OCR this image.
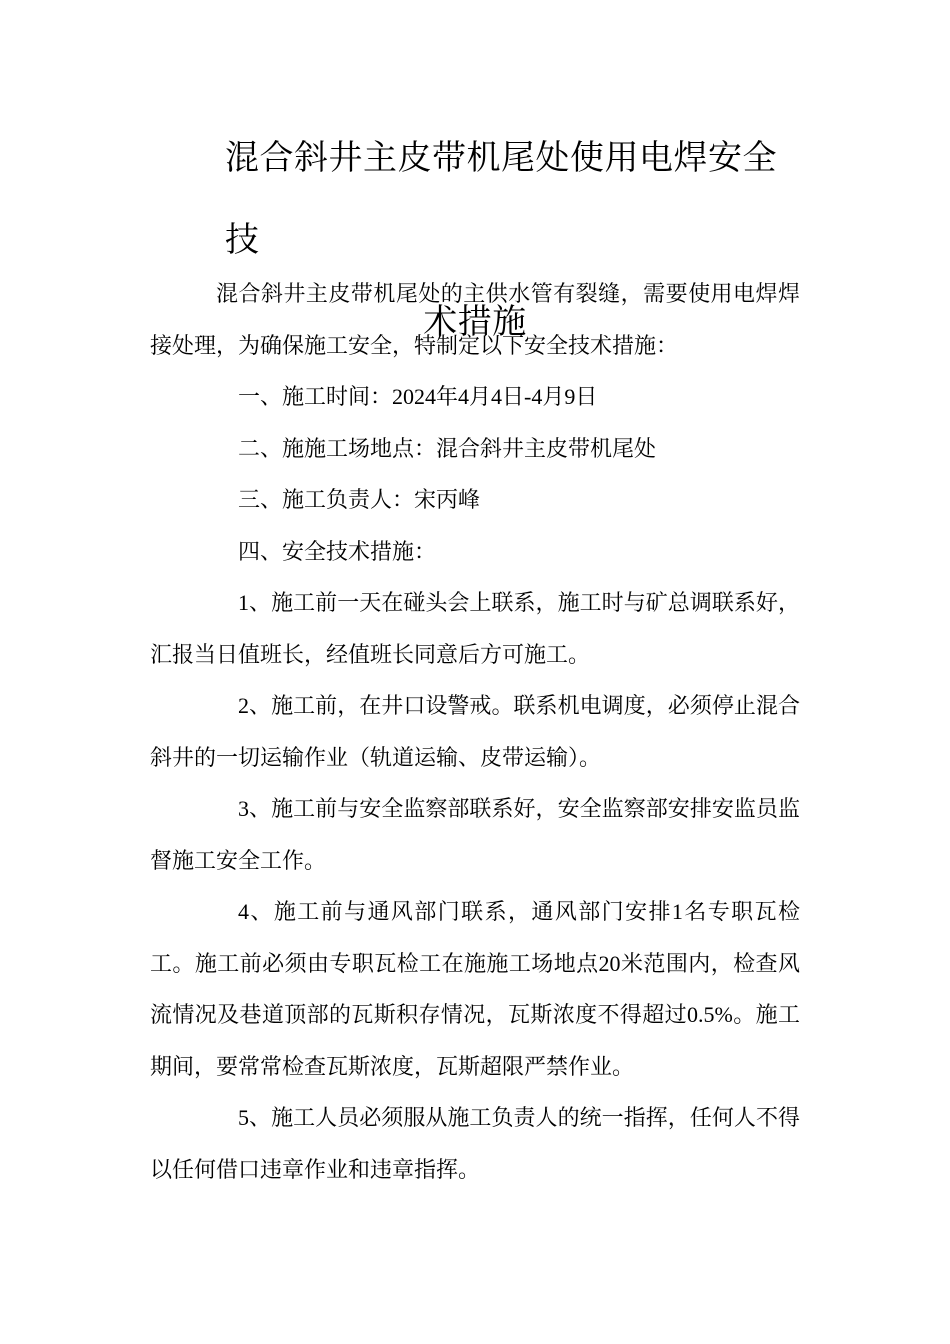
混合斜井主皮带机尾处使用电焊安全技
术措施

混合斜井主皮带机尾处的主供水管有裂缝，需要使用电焊焊接处理，为确保施工安全，特制定以下安全技术措施：

一、施工时间：2024年4月4日-4月9日

二、施施工场地点：混合斜井主皮带机尾处

三、施工负责人：宋丙峰

四、安全技术措施：

1、施工前一天在碰头会上联系，施工时与矿总调联系好，汇报当日值班长，经值班长同意后方可施工。

2、施工前，在井口设警戒。联系机电调度，必须停止混合斜井的一切运输作业（轨道运输、皮带运输）。

3、施工前与安全监察部联系好，安全监察部安排安监员监督施工安全工作。

4、施工前与通风部门联系，通风部门安排1名专职瓦检工。施工前必须由专职瓦检工在施施工场地点20米范围内，检查风流情况及巷道顶部的瓦斯积存情况，瓦斯浓度不得超过0.5%。施工期间，要常常检查瓦斯浓度，瓦斯超限严禁作业。

5、施工人员必须服从施工负责人的统一指挥，任何人不得以任何借口违章作业和违章指挥。
